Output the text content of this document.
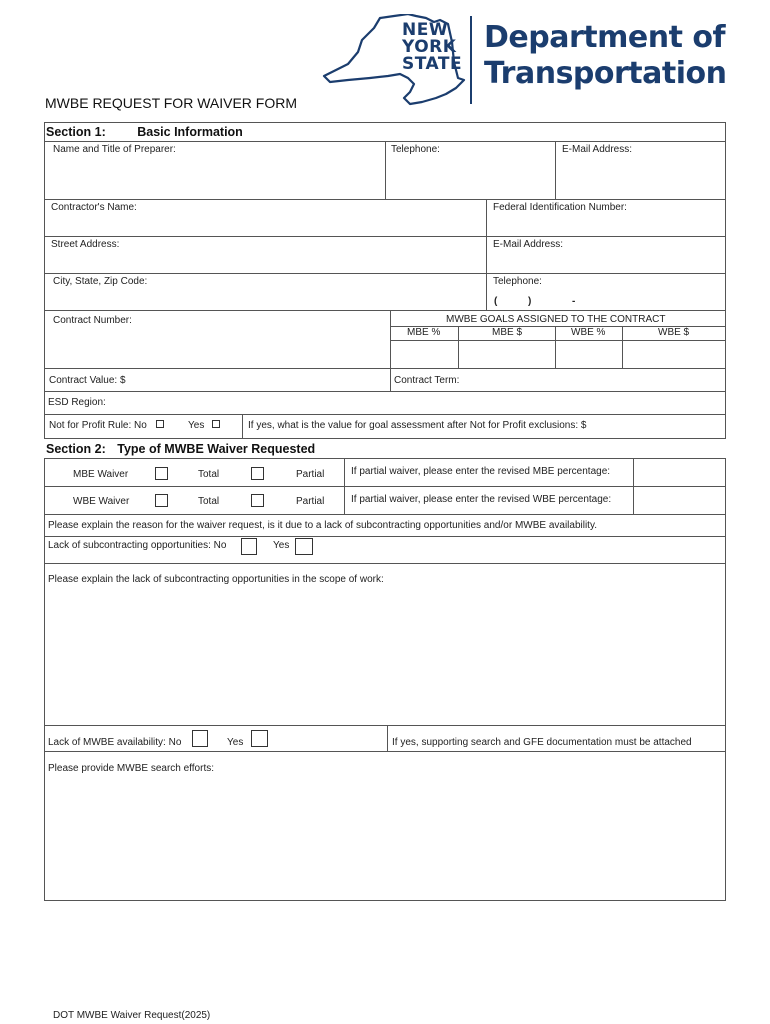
NEW
YORK
STATE
Department of
Transportation
MWBE REQUEST FOR WAIVER FORM
Section 1:	Basic Information
Name and Title of Preparer:	Telephone:	E-Mail Address:
Contractor's Name:	Federal Identification Number:
Street Address:	E-Mail Address:
City, State, Zip Code:	Telephone:
(	)	-
Contract Number:	MWBE GOALS ASSIGNED TO THE CONTRACT
MBE %	MBE $	WBE %	WBE $
Contract Value: $	Contract Term:
ESD Region:
Not for Profit Rule: No	Yes	If yes, what is the value for goal assessment after Not for Profit exclusions: $
Section 2: Type of MWBE Waiver Requested
MBE Waiver	Total	Partial	If partial waiver, please enter the revised MBE percentage:
WBE Waiver	Total	Partial	If partial waiver, please enter the revised WBE percentage:
Please explain the reason for the waiver request, is it due to a lack of subcontracting opportunities and/or MWBE availability.
Lack of subcontracting opportunities: No	Yes
Please explain the lack of subcontracting opportunities in the scope of work:
Lack of MWBE availability: No	Yes	If yes, supporting search and GFE documentation must be attached
Please provide MWBE search efforts:
DOT MWBE Waiver Request(2025)
